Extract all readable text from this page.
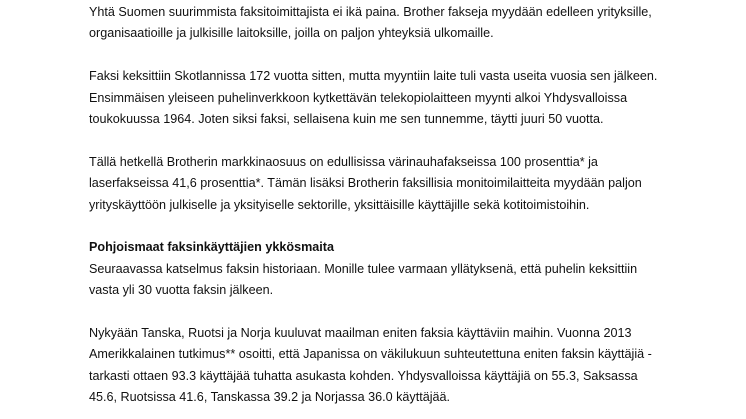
Yhtä Suomen suurimmista faksitoimittajista ei ikä paina. Brother fakseja myydään edelleen yrityksille,
organisaatioille ja julkisille laitoksille, joilla on paljon yhteyksiä ulkomaille.
Faksi keksittiin Skotlannissa 172 vuotta sitten, mutta myyntiin laite tuli vasta useita vuosia sen jälkeen.
Ensimmäisen yleiseen puhelinverkkoon kytkettävän telekopiolaitteen myynti alkoi Yhdysvalloissa
toukokuussa 1964. Joten siksi faksi, sellaisena kuin me sen tunnemme, täytti juuri 50 vuotta.
Tällä hetkellä Brotherin markkinaosuus on edullisissa värinauhafakseissa 100 prosenttia* ja
laserfakseissa 41,6 prosenttia*. Tämän lisäksi Brotherin faksillisia monitoimilaitteita myydään paljon
yrityskäyttöön julkiselle ja yksityiselle sektorille, yksittäisille käyttäjille sekä kotitoimistoihin.
Pohjoismaat faksinkäyttäjien ykkösmaita
Seuraavassa katselmus faksin historiaan. Monille tulee varmaan yllätyksenä, että puhelin keksittiin
vasta yli 30 vuotta faksin jälkeen.
Nykyään Tanska, Ruotsi ja Norja kuuluvat maailman eniten faksia käyttäviin maihin. Vuonna 2013
Amerikkalainen tutkimus** osoitti, että Japanissa on väkilukuun suhteutettuna eniten faksin käyttäjiä -
tarkasti ottaen 93.3 käyttäjää tuhatta asukasta kohden. Yhdysvalloissa käyttäjiä on 55.3, Saksassa
45.6, Ruotsissa 41.6, Tanskassa 39.2 ja Norjassa 36.0 käyttäjää.
